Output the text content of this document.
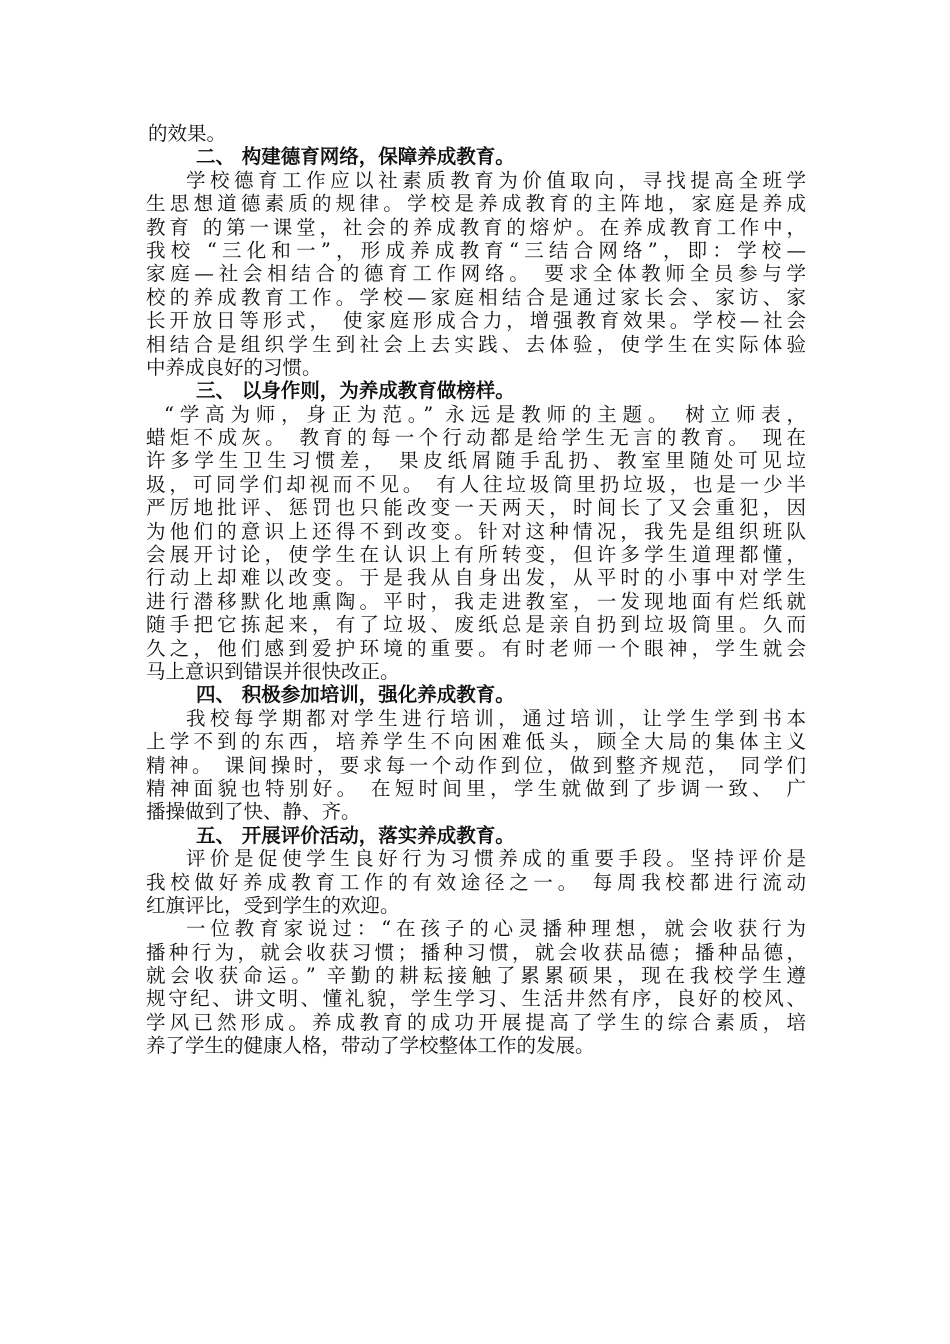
的效果。
二、 构建德育网络，保障养成教育。
学校德育工作应以社素质教育为价值取向，寻找提高全班学
生思想道德素质的规律。学校是养成教育的主阵地，家庭是养成
教育 的第一课堂，社会的养成教育的熔炉。在养成教育工作中，
我校 “三化和一”，形成养成教育“三结合网络”，即：学校—
家庭—社会相结合的德育工作网络。 要求全体教师全员参与学
校的养成教育工作。学校—家庭相结合是通过家长会、家访、家
长开放日等形式， 使家庭形成合力，增强教育效果。学校—社会
相结合是组织学生到社会上去实践、去体验，使学生在实际体验
中养成良好的习惯。
三、 以身作则，为养成教育做榜样。
“学高为师，身正为范。” 永远是教师的主题。 树立师表，
蜡炬不成灰。 教育的每一个行动都是给学生无言的教育。 现在
许多学生卫生习惯差， 果皮纸屑随手乱扔、教室里随处可见垃
圾，可同学们却视而不见。 有人往垃圾筒里扔垃圾，也是一少半
严厉地批评、惩罚也只能改变一天两天，时间长了又会重犯，因
为他们的意识上还得不到改变。针对这种情况，我先是组织班队
会展开讨论，使学生在认识上有所转变，但许多学生道理都懂，
行动上却难以改变。于是我从自身出发，从平时的小事中对学生
进行潜移默化地熏陶。平时，我走进教室，一发现地面有烂纸就
随手把它拣起来，有了垃圾、废纸总是亲自扔到垃圾筒里。久而
久之，他们感到爱护环境的重要。有时老师一个眼神，学生就会
马上意识到错误并很快改正。
四、 积极参加培训，强化养成教育。
我校每学期都对学生进行培训，通过培训，让学生学到书本
上学不到的东西，培养学生不向困难低头，顾全大局的集体主义
精神。 课间操时，要求每一个动作到位，做到整齐规范， 同学们
精神面貌也特别好。 在短时间里，学生就做到了步调一致、 广
播操做到了快、静、齐。
五、 开展评价活动，落实养成教育。
评价是促使学生良好行为习惯养成的重要手段。坚持评价是
我校做好养成教育工作的有效途径之一。 每周我校都进行流动
红旗评比，受到学生的欢迎。
一位教育家说过：“在孩子的心灵播种理想，就会收获行为
播种行为，就会收获习惯；播种习惯，就会收获品德；播种品德，
就会收获命运。” 辛勤的耕耘接触了累累硕果，现在我校学生遵
规守纪、讲文明、懂礼貌，学生学习、生活井然有序，良好的校风、
学风已然形成。养成教育的成功开展提高了学生的综合素质，培
养了学生的健康人格，带动了学校整体工作的发展。
